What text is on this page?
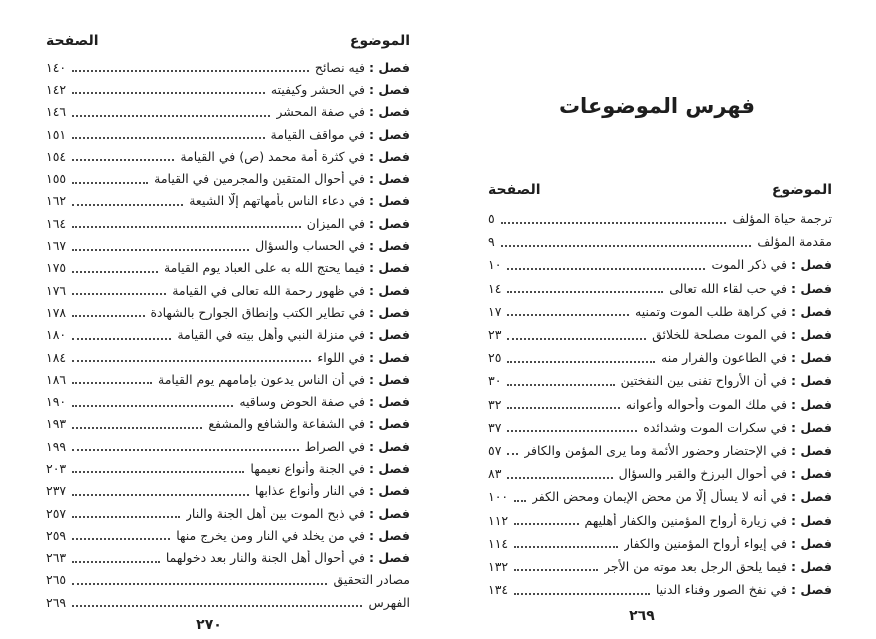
الموضوع
الصفحة
فصل :فيه نصائح
١٤٠
فصل :في الحشر وكيفيته
١٤٢
فصل :في صفة المحشر
١٤٦
فصل :في مواقف القيامة
١٥١
فصل :في كثرة أُمة محمد (ص) في القيامة
١٥٤
فصل :في أحوال المتقين والمجرمين في القيامة
١٥٥
فصل :في دعاء الناس بأُمهاتهم إلّا الشيعة
١٦٢
فصل :في الميزان
١٦٤
فصل :في الحساب والسؤال
١٦٧
فصل :فيما يحتج الله به على العباد يوم القيامة
١٧٥
فصل :في ظهور رحمة الله تعالى في القيامة
١٧٦
فصل :في تطاير الكتب وإنطاق الجوارح بالشهادة
١٧٨
فصل :في منزلة النبي وأهل بيته في القيامة
١٨٠
فصل :في اللواء
١٨٤
فصل :في أن الناس يدعون بإمامهم يوم القيامة
١٨٦
فصل :في صفة الحوض وساقيه
١٩٠
فصل :في الشفاعة والشافع والمشفع
١٩٣
فصل :في الصراط
١٩٩
فصل :في الجنة وأنواع نعيمها
٢٠٣
فصل :في النار وأنواع عذابها
٢٣٧
فصل :في ذبح الموت بين أهل الجنة والنار
٢٥٧
فصل :في من يخلد في النار ومن يخرج منها
٢٥٩
فصل :في أحوال أهل الجنة والنار بعد دخولهما
٢٦٣
مصادر التحقيق
٢٦٥
الفهرس
٢٦٩
٢٧٠
فهرس الموضوعات
الموضوع
الصفحة
ترجمة حياة المؤلف
٥
مقدمة المؤلف
٩
فصل :في ذكر الموت
١٠
فصل :في حب لقاء الله تعالى
١٤
فصل :في كراهة طلب الموت وتمنيه
١٧
فصل :في الموت مصلحة للخلائق
٢٣
فصل :في الطاعون والفرار منه
٢٥
فصل :في أن الأرواح تفنى بين النفختين
٣٠
فصل :في ملك الموت وأحواله وأعوانه
٣٢
فصل :في سكرات الموت وشدائده
٣٧
فصل :في الإحتضار وحضور الأئمة وما يرى المؤمن والكافر
٥٧
فصل :في أحوال البرزخ والقبر والسؤال
٨٣
فصل :في أنه لا يسأل إلّا من محض الإيمان ومحض الكفر
١٠٠
فصل :في زيارة أرواح المؤمنين والكفار أهليهم
١١٢
فصل :في إيواء أرواح المؤمنين والكفار
١١٤
فصل :فيما يلحق الرجل بعد موته من الأجر
١٣٢
فصل :في نفخ الصور وفناء الدنيا
١٣٤
٢٦٩
